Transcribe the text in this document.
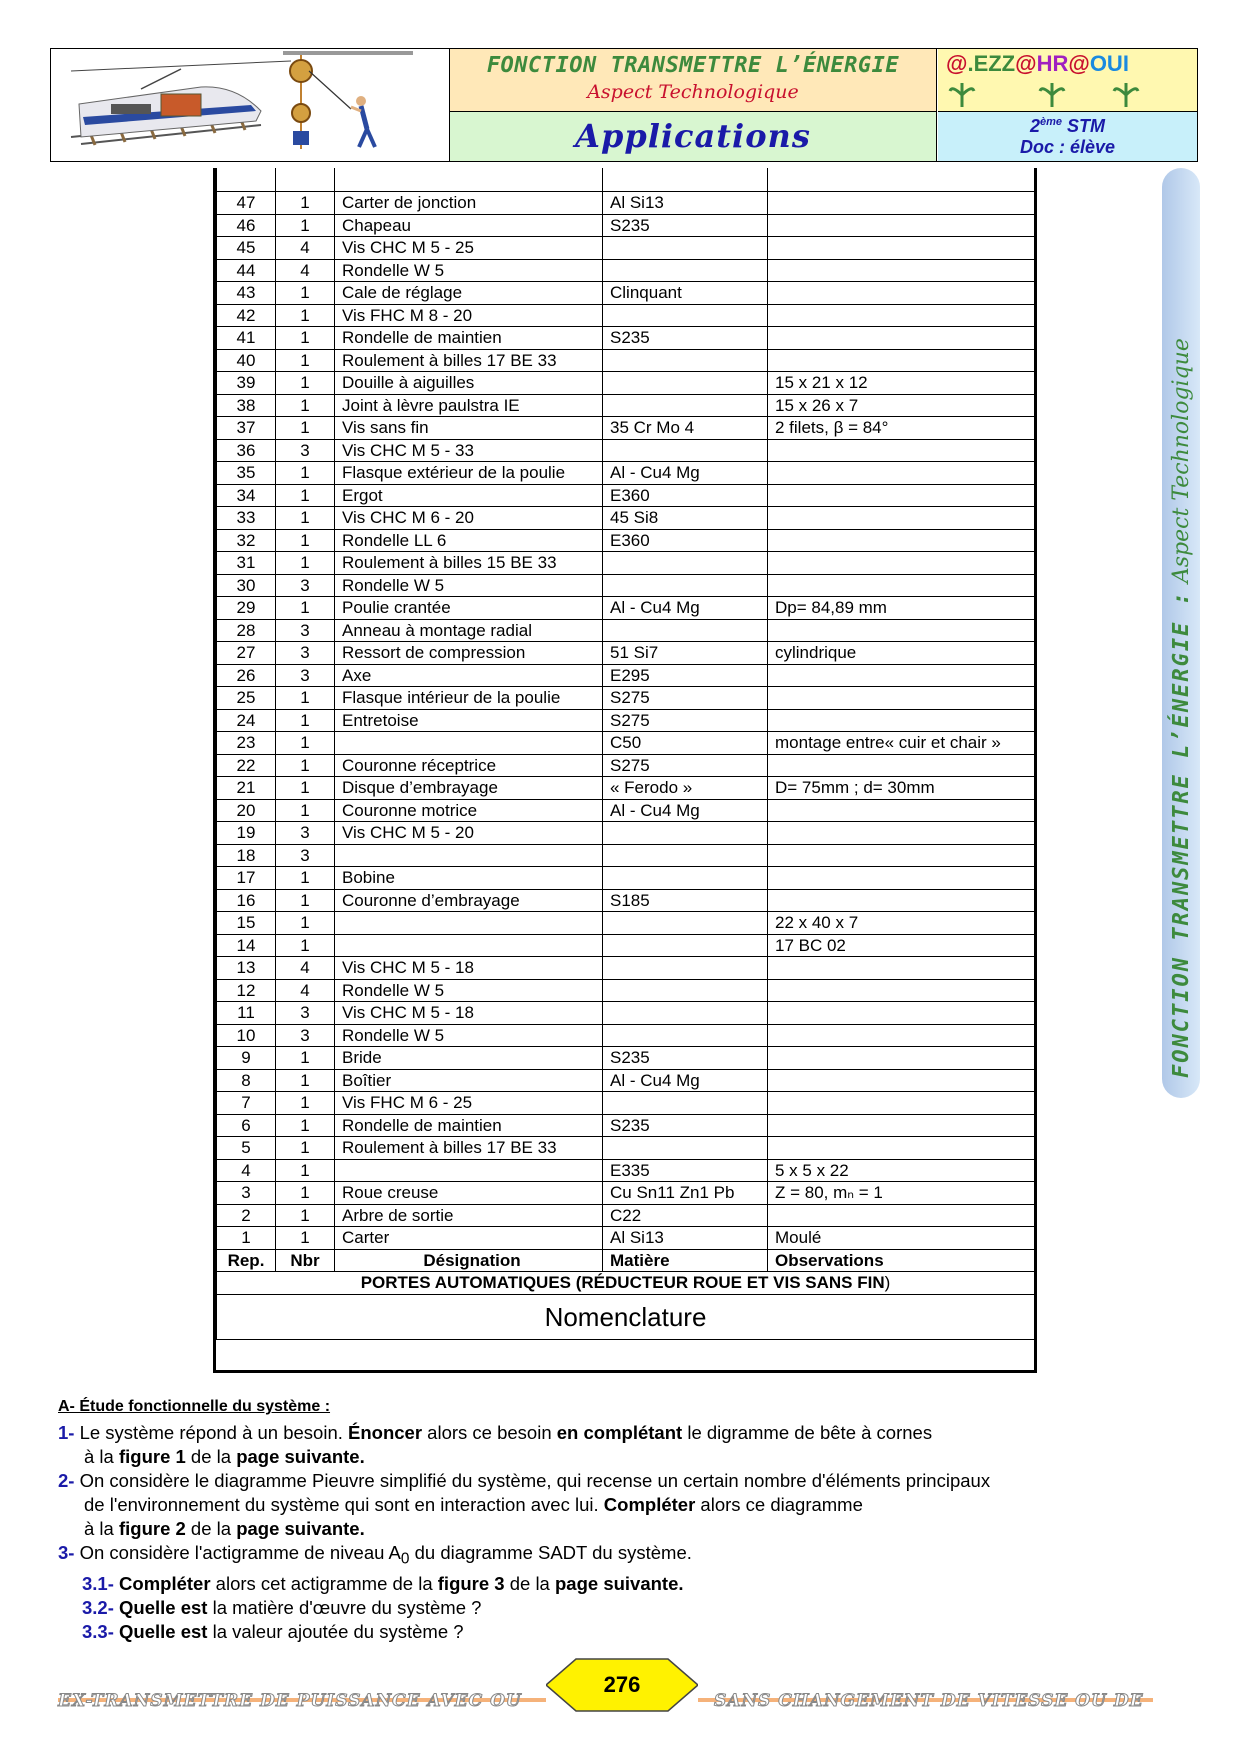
FONCTION TRANSMETTRE L’ÉNERGIE
Aspect Technologique
Applications
@.EZZ@HR@OUI
2ème STM
Doc : élève
FONCTION TRANSMETTRE L’ÉNERGIE : Aspect Technologique

47	1	Carter de jonction	Al Si13	
46	1	Chapeau	S235	
45	4	Vis CHC M 5 - 25		
44	4	Rondelle W 5		
43	1	Cale de réglage	Clinquant	
42	1	Vis FHC M 8 - 20		
41	1	Rondelle de maintien	S235	
40	1	Roulement à billes 17 BE 33		
39	1	Douille à aiguilles		15 x 21 x 12
38	1	Joint à lèvre paulstra IE		15 x 26 x 7
37	1	Vis sans fin	35 Cr Mo 4	2 filets, β = 84°
36	3	Vis CHC M 5 - 33		
35	1	Flasque extérieur de la poulie	Al - Cu4 Mg	
34	1	Ergot	E360	
33	1	Vis CHC M 6 - 20	45 Si8	
32	1	Rondelle LL 6	E360	
31	1	Roulement à billes 15 BE 33		
30	3	Rondelle W 5		
29	1	Poulie crantée	Al - Cu4 Mg	Dp= 84,89 mm
28	3	Anneau à montage radial		
27	3	Ressort de compression	51 Si7	cylindrique
26	3	Axe	E295	
25	1	Flasque intérieur de la poulie	S275	
24	1	Entretoise	S275	
23	1		C50	montage entre« cuir et chair »
22	1	Couronne réceptrice	S275	
21	1	Disque d’embrayage	« Ferodo »	D= 75mm ; d= 30mm
20	1	Couronne motrice	Al - Cu4 Mg	
19	3	Vis CHC M 5 - 20		
18	3			
17	1	Bobine		
16	1	Couronne d’embrayage	S185	
15	1			22 x 40 x 7
14	1			17 BC 02
13	4	Vis CHC M 5 - 18		
12	4	Rondelle W 5		
11	3	Vis CHC M 5 - 18		
10	3	Rondelle W 5		
9	1	Bride	S235	
8	1	Boîtier	Al - Cu4 Mg	
7	1	Vis FHC M 6 - 25		
6	1	Rondelle de maintien	S235	
5	1	Roulement à billes 17 BE 33		
4	1		E335	5 x 5 x 22
3	1	Roue creuse	Cu Sn11 Zn1 Pb	Z = 80, mₙ = 1
2	1	Arbre de sortie	C22	
1	1	Carter	Al Si13	Moulé
Rep.	Nbr	Désignation	Matière	Observations
PORTES AUTOMATIQUES (RÉDUCTEUR ROUE ET VIS SANS FIN)				
Nomenclature				
A- Étude fonctionnelle du système :
1- Le système répond à un besoin. Énoncer alors ce besoin en complétant le digramme de bête à cornes
à la figure 1 de la page suivante.
2- On considère le diagramme Pieuvre simplifié du système, qui recense un certain nombre d'éléments principaux
de l'environnement du système qui sont en interaction avec lui. Compléter alors ce diagramme
à la figure 2 de la page suivante.
3- On considère l'actigramme de niveau $A_0$ du diagramme SADT du système.
3.1- Compléter alors cet actigramme de la figure 3 de la page suivante.
3.2- Quelle est la matière d'œuvre du système ?
3.3- Quelle est la valeur ajoutée du système ?
EX-TRANSMETTRE DE PUISSANCE AVEC OU	SANS CHANGEMENT DE VITESSE OU DE
276
